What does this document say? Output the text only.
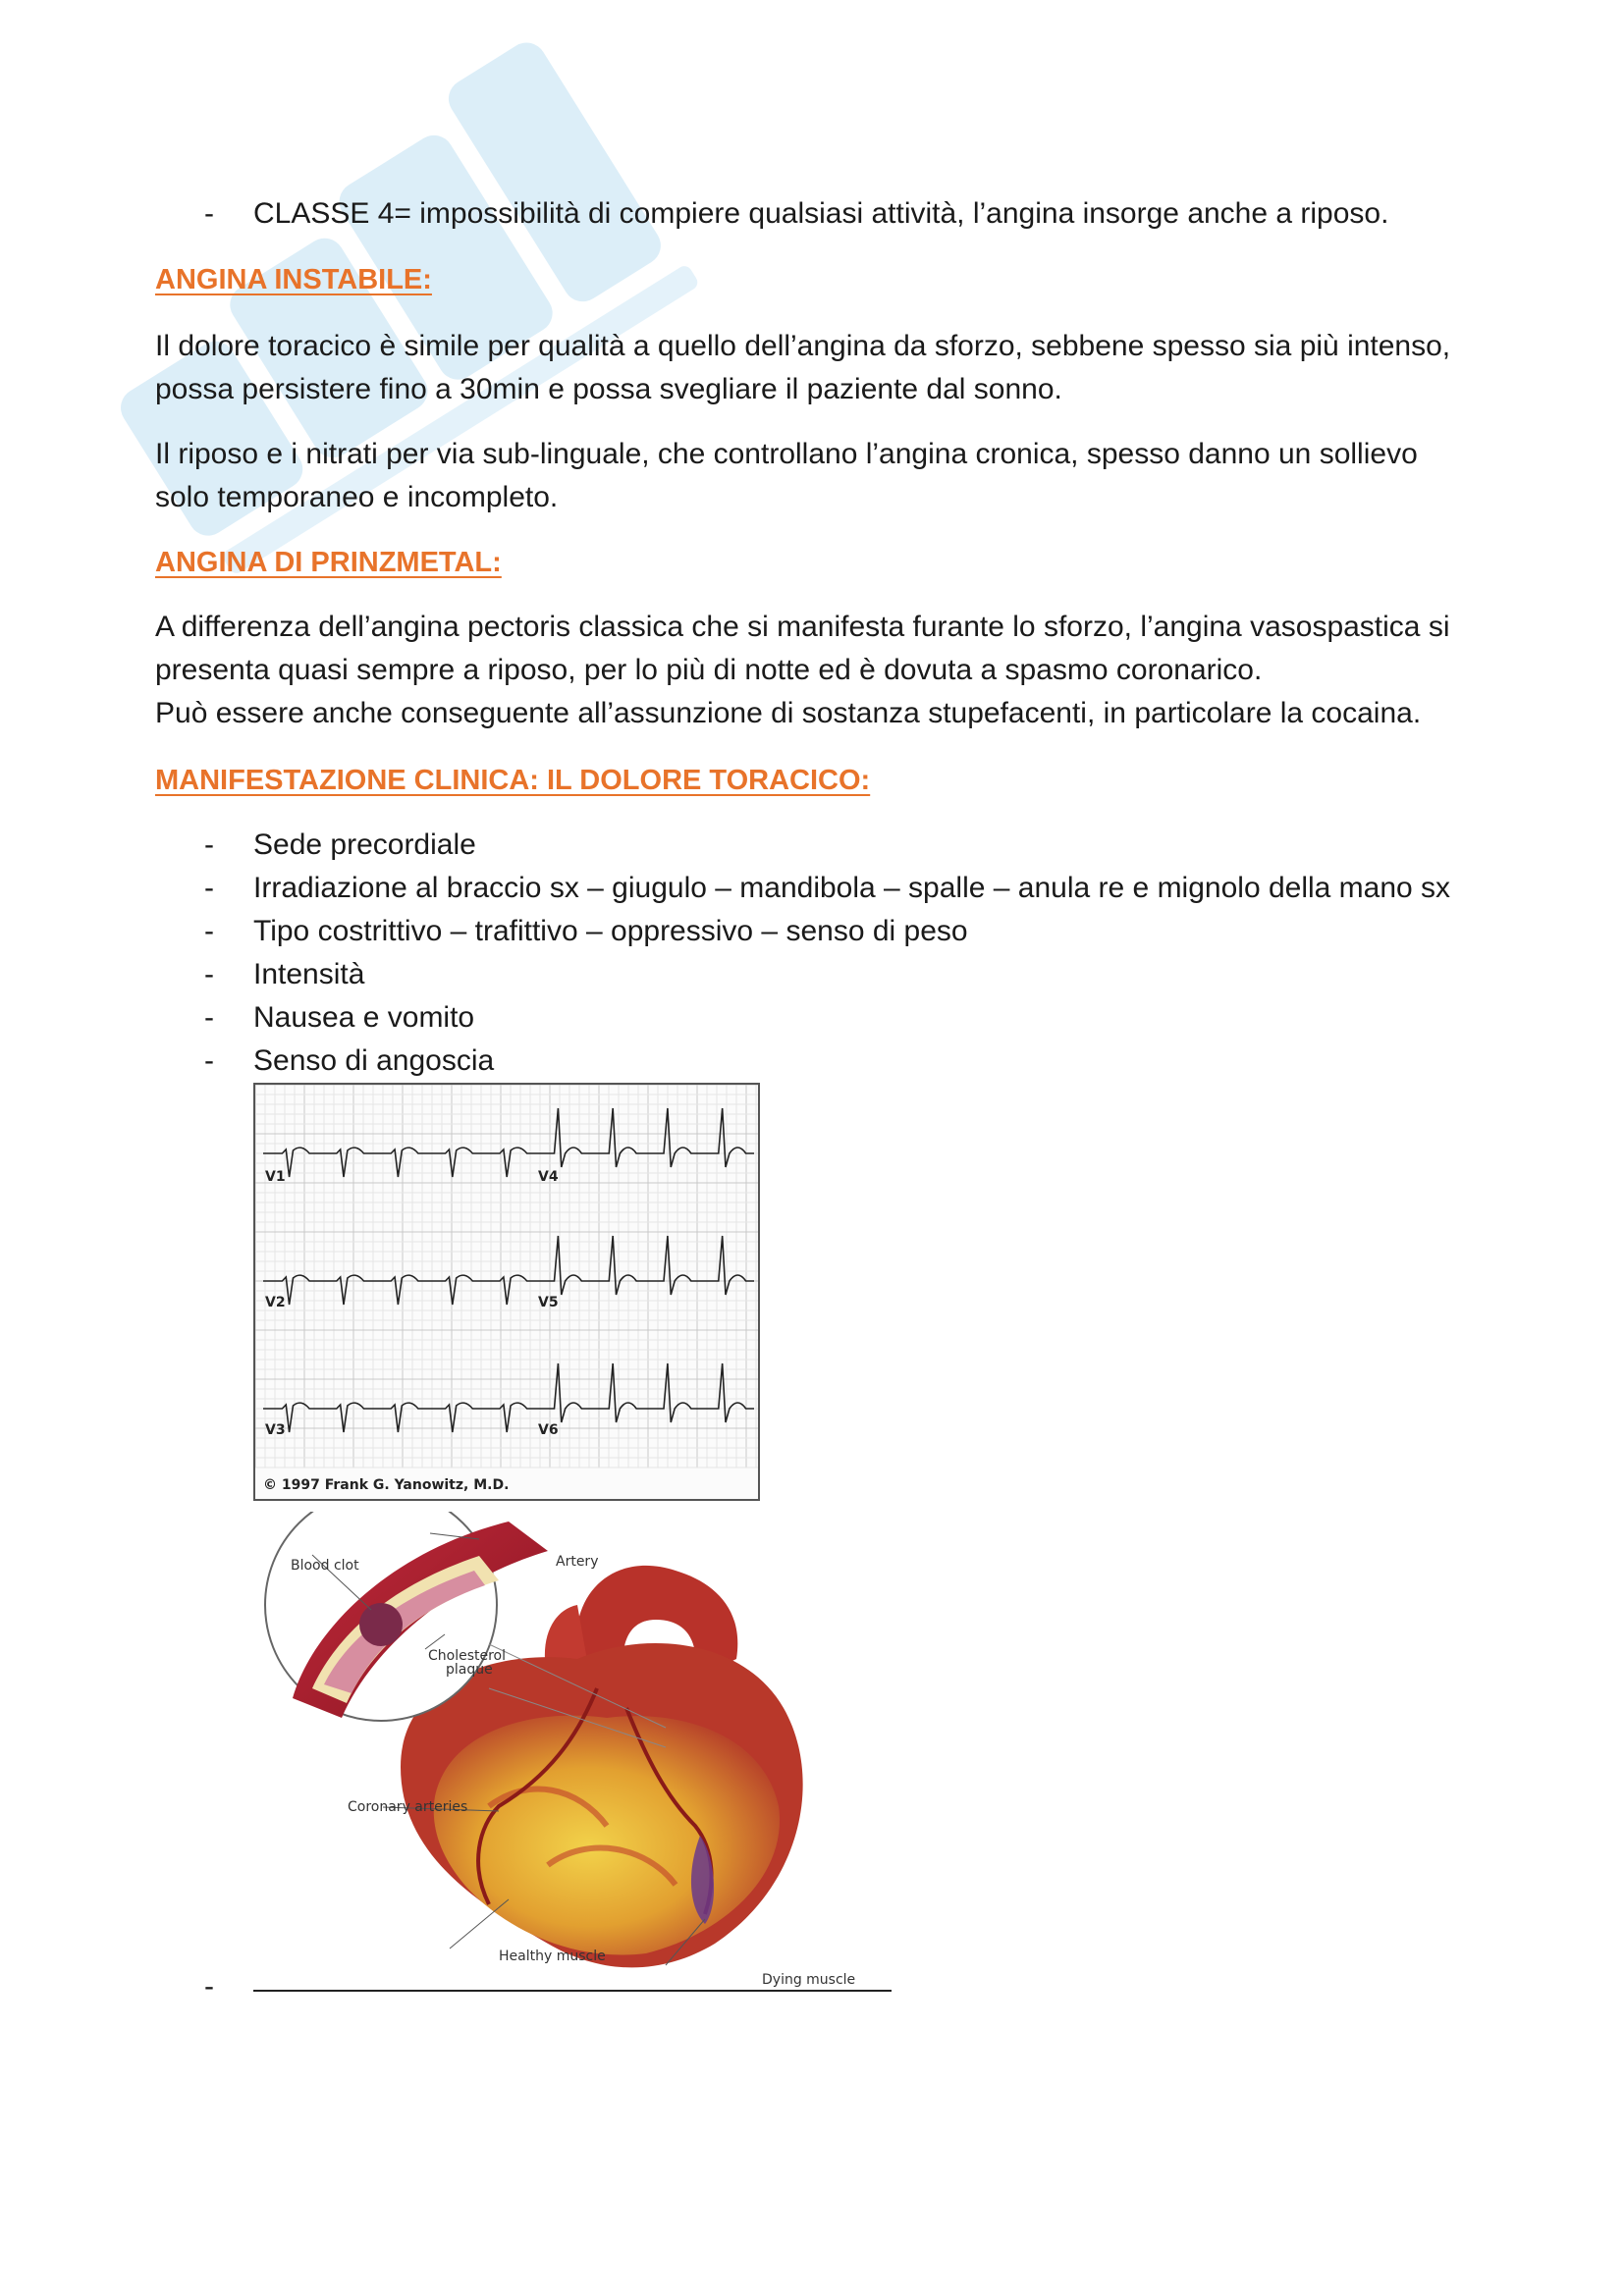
- CLASSE 4= impossibilità di compiere qualsiasi attività, l’angina insorge anche a riposo.
ANGINA INSTABILE:
Il dolore toracico è simile per qualità a quello dell’angina da sforzo, sebbene spesso sia più intenso,
possa persistere fino a 30min e possa svegliare il paziente dal sonno.
Il riposo e i nitrati per via sub-linguale, che controllano l’angina cronica, spesso danno un sollievo
solo temporaneo e incompleto.
ANGINA DI PRINZMETAL:
A differenza dell’angina pectoris classica che si manifesta furante lo sforzo, l’angina vasospastica si
presenta quasi sempre a riposo, per lo più di notte ed è dovuta a spasmo coronarico.
Può essere anche conseguente all’assunzione di sostanza stupefacenti, in particolare la cocaina.
MANIFESTAZIONE CLINICA: IL DOLORE TORACICO:
- Sede precordiale
- Irradiazione al braccio sx – giugulo – mandibola – spalle – anula re e mignolo della mano sx
- Tipo costrittivo – trafittivo – oppressivo – senso di peso
- Intensità
- Nausea e vomito
- Senso di angoscia
V1	V4
V2	V5
V3	V6
© 1997 Frank G. Yanowitz, M.D.
Blood clot	Artery
Cholesterol
plaque
Coronary arteries
Healthy muscle
Dying muscle
-
